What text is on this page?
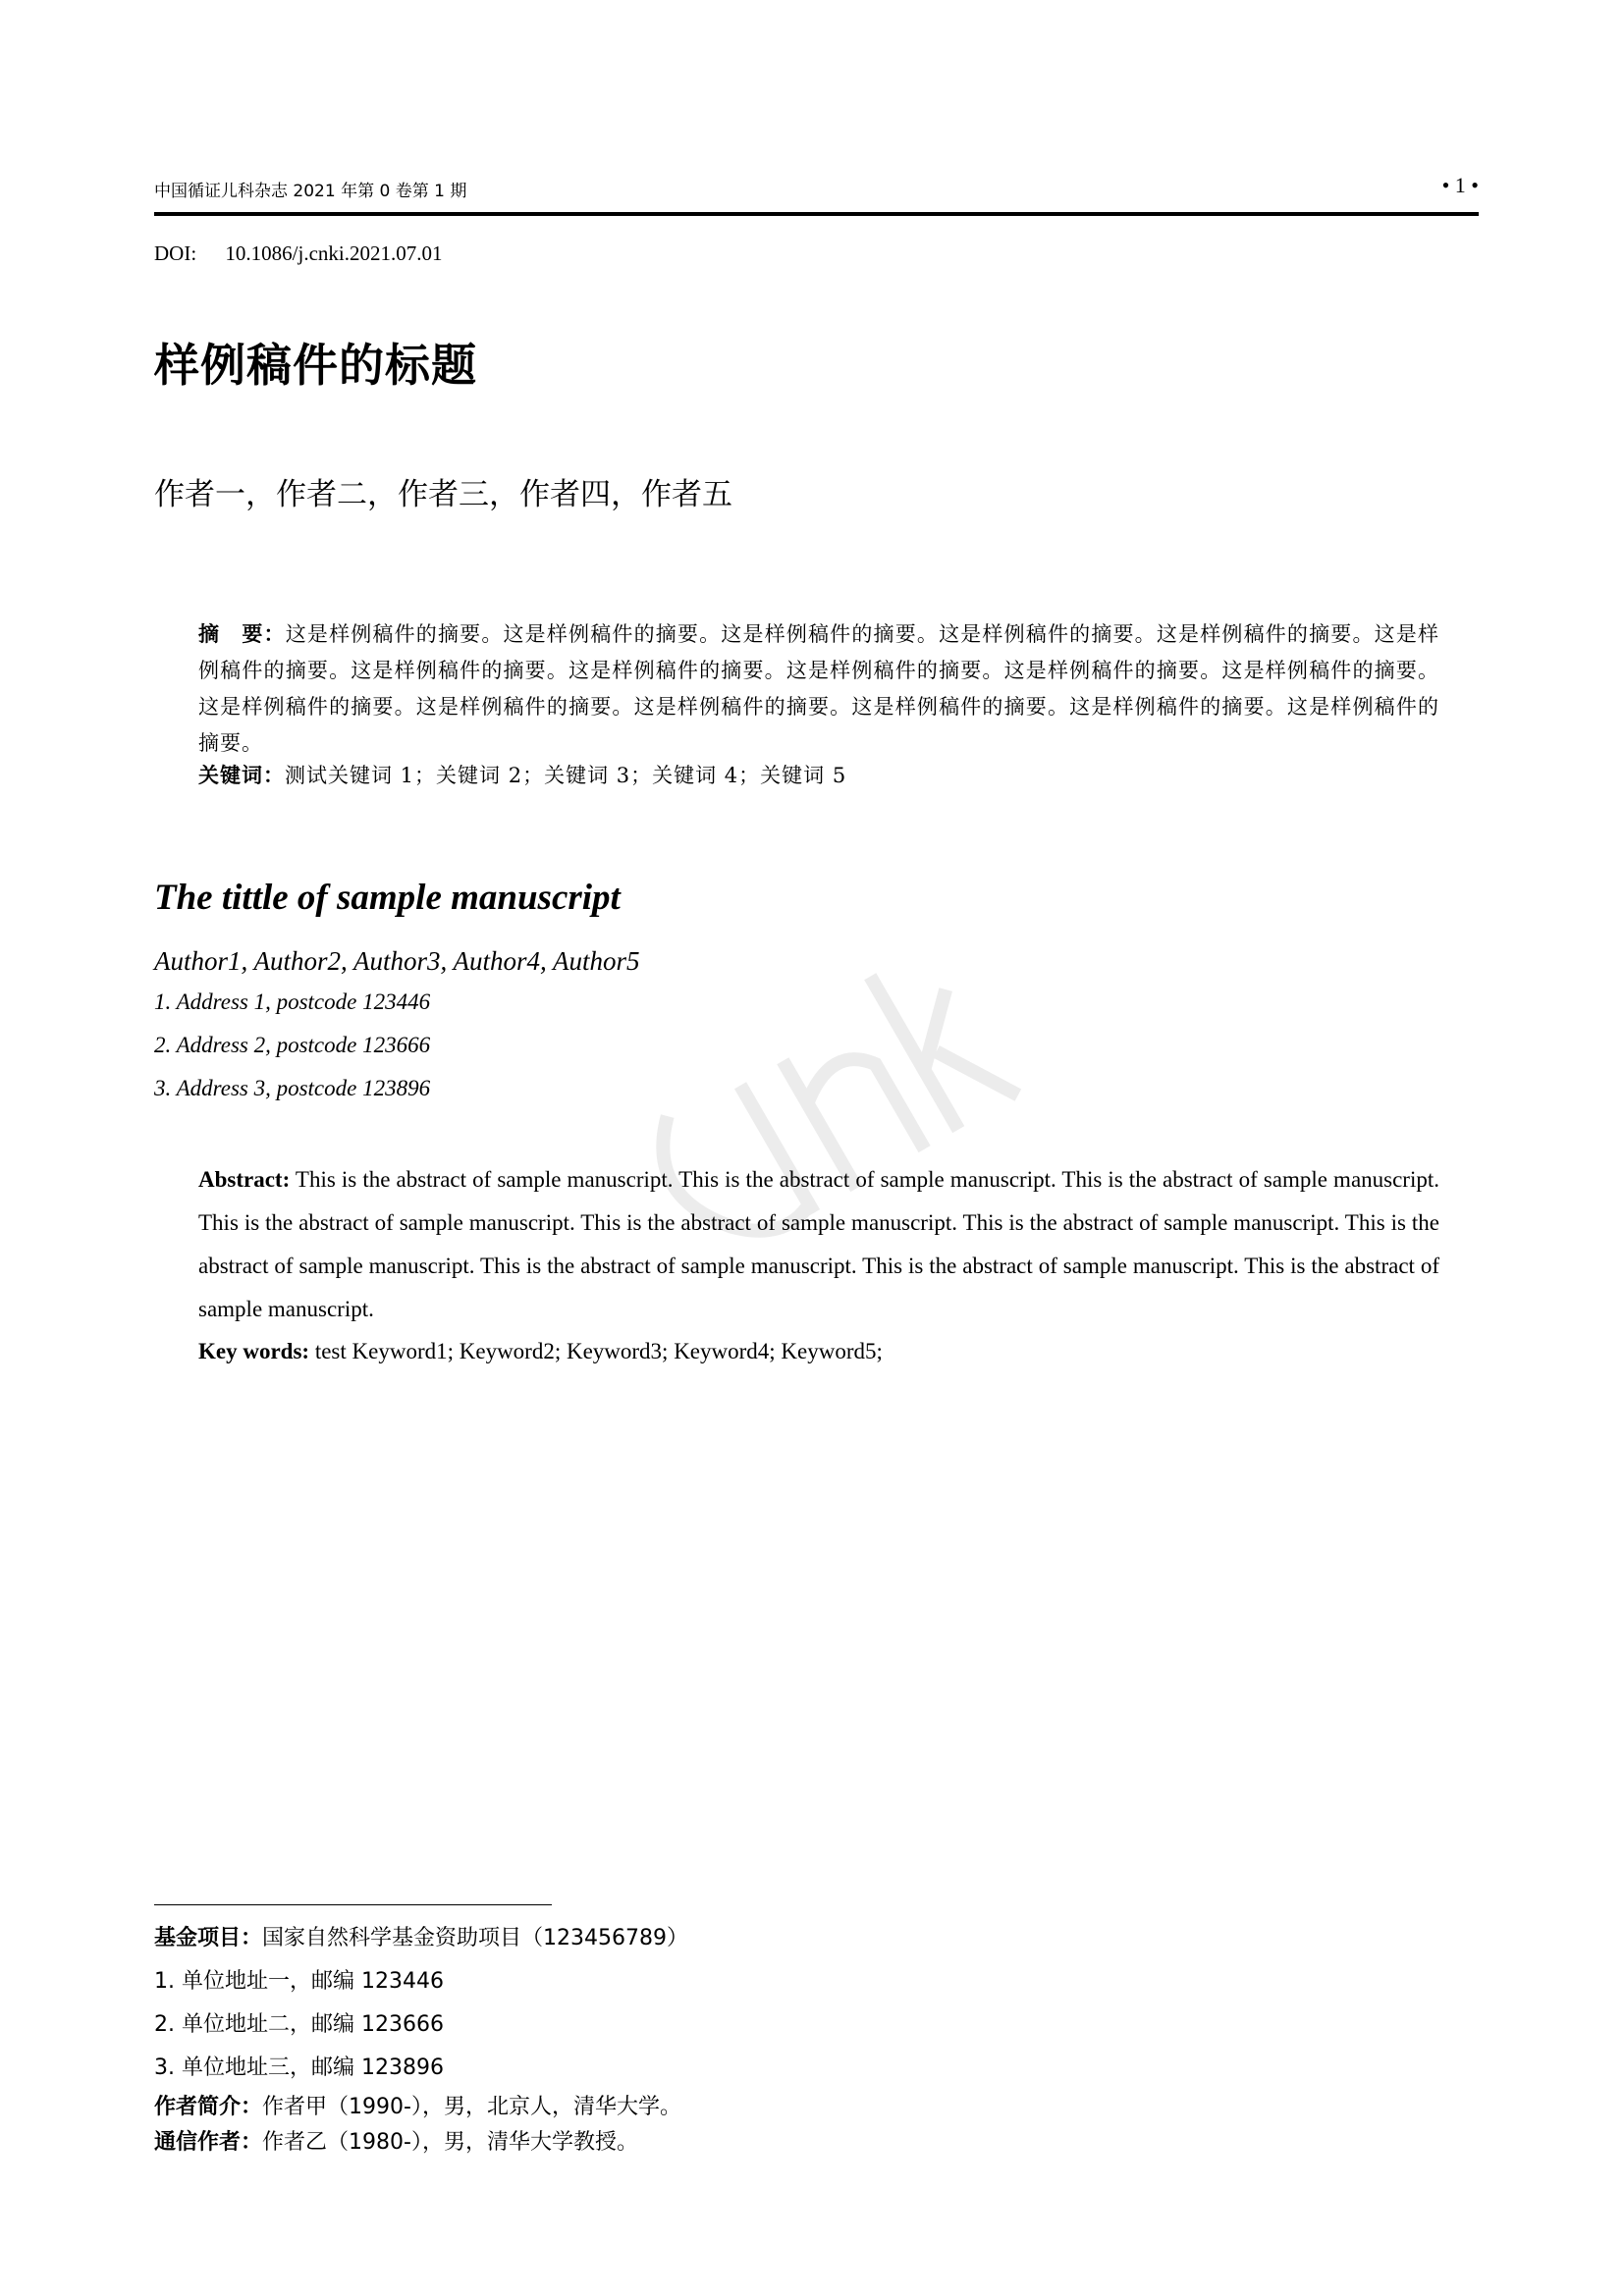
中国循证儿科杂志 2021 年第 0 卷第 1 期	• 1 •
DOI: 10.1086/j.cnki.2021.07.01
样例稿件的标题
作者一，作者二，作者三，作者四，作者五
摘　要：这是样例稿件的摘要。这是样例稿件的摘要。这是样例稿件的摘要。这是样例稿件的摘要。这是样例稿件的摘要。这是样例稿件的摘要。这是样例稿件的摘要。这是样例稿件的摘要。这是样例稿件的摘要。这是样例稿件的摘要。这是样例稿件的摘要。这是样例稿件的摘要。这是样例稿件的摘要。这是样例稿件的摘要。这是样例稿件的摘要。这是样例稿件的摘要。这是样例稿件的摘要。
关键词：测试关键词 1；关键词 2；关键词 3；关键词 4；关键词 5
The tittle of sample manuscript
Author1, Author2, Author3, Author4, Author5
1. Address 1, postcode 123446
2. Address 2, postcode 123666
3. Address 3, postcode 123896
Abstract: This is the abstract of sample manuscript. This is the abstract of sample manuscript. This is the abstract of sample manuscript. This is the abstract of sample manuscript. This is the abstract of sample manuscript. This is the abstract of sample manuscript. This is the abstract of sample manuscript. This is the abstract of sample manuscript. This is the abstract of sample manuscript. This is the abstract of sample manuscript.
Key words: test Keyword1; Keyword2; Keyword3; Keyword4; Keyword5;
基金项目：国家自然科学基金资助项目（123456789）
1. 单位地址一，邮编 123446
2. 单位地址二，邮编 123666
3. 单位地址三，邮编 123896
作者简介：作者甲（1990-），男，北京人，清华大学。
通信作者：作者乙（1980-），男，清华大学教授。
